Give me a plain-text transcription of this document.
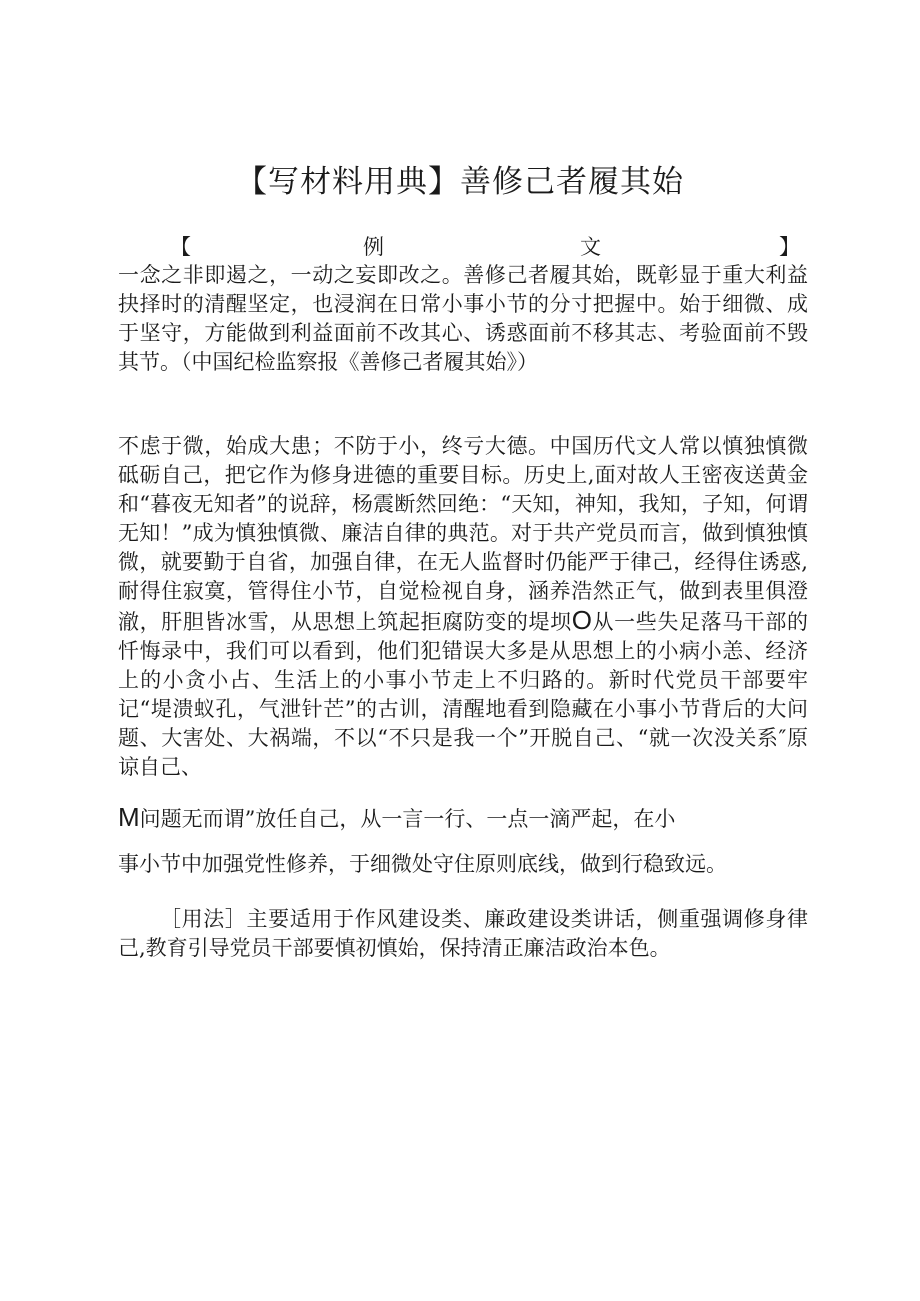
【写材料用典】善修己者履其始
【	例	文	】

一念之非即遏之，一动之妄即改之。善修己者履其始，既彰显于重大利益抉择时的清醒坚定，也浸润在日常小事小节的分寸把握中。始于细微、成于坚守，方能做到利益面前不改其心、诱惑面前不移其志、考验面前不毁其节。（中国纪检监察报《善修己者履其始》）

不虑于微，始成大患；不防于小，终亏大德。中国历代文人常以慎独慎微砥砺自己，把它作为修身进德的重要目标。历史上,面对故人王密夜送黄金和“暮夜无知者”的说辞，杨震断然回绝：“天知，神知，我知，子知，何谓无知！”成为慎独慎微、廉洁自律的典范。对于共产党员而言，做到慎独慎微，就要勤于自省，加强自律，在无人监督时仍能严于律己，经得住诱惑,耐得住寂寞，管得住小节，自觉检视自身，涵养浩然正气，做到表里俱澄澈，肝胆皆冰雪，从思想上筑起拒腐防变的堤坝O从一些失足落马干部的忏悔录中，我们可以看到，他们犯错误大多是从思想上的小病小恙、经济上的小贪小占、生活上的小事小节走上不归路的。新时代党员干部要牢记“堤溃蚁孔，气泄针芒”的古训，清醒地看到隐藏在小事小节背后的大问题、大害处、大祸端，不以“不只是我一个”开脱自己、“就一次没关系″原谅自己、

M问题无而谓”放任自己，从一言一行、一点一滴严起，在小

事小节中加强党性修养，于细微处守住原则底线，做到行稳致远。

［用法］主要适用于作风建设类、廉政建设类讲话，侧重强调修身律己,教育引导党员干部要慎初慎始，保持清正廉洁政治本色。
